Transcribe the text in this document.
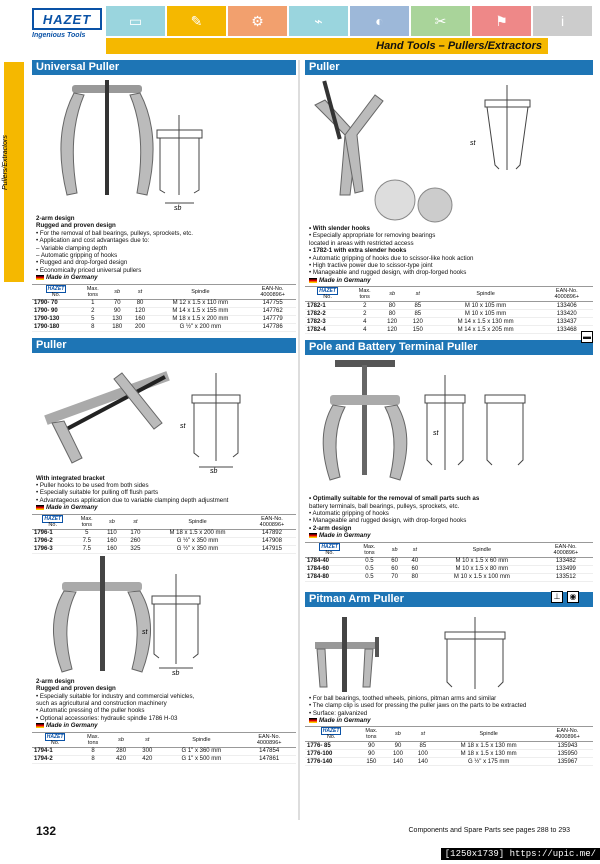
HAZET
Ingenious Tools
▭	✎	⚙	⌁	◐	✂	⚑	i
Hand Tools – Pullers/Extractors
Pullers/Extractors
Universal Puller
sb
2-arm design
Rugged and proven design
• For the removal of ball bearings, pulleys, sprockets, etc.
• Application and cost advantages due to:
– Variable clamping depth
– Automatic gripping of hooks
• Rugged and drop-forged design
• Economically priced universal pullers
Made in Germany
HAZET
No.	Max.
tons	sb	st	Spindle	EAN-No.
4000896+
1790- 70	1	70	80	M 12 x 1.5 x 110 mm	147755
1790- 90	2	90	120	M 14 x 1.5 x 155 mm	147762
1790-130	5	130	160	M 18 x 1.5 x 200 mm	147779
1790-180	8	180	200	G ½" x 200 mm	147786
Puller
sb
st
With integrated bracket
• Puller hooks to be used from both sides
• Especially suitable for pulling off flush parts
• Advantageous application due to variable clamping depth adjustment
Made in Germany
HAZET
No.	Max.
tons	sb	st	Spindle	EAN-No.
4000896+
1796-1	5	110	170	M 18 x 1.5 x 200 mm	147892
1796-2	7.5	160	260	G ½" x 350 mm	147908
1796-3	7.5	160	325	G ½" x 350 mm	147915
sb
st
2-arm design
Rugged and proven design
• Especially suitable for industry and commercial vehicles,
such as agricultural and construction machinery
• Automatic pressing of the puller hooks
• Optional accessories: hydraulic spindle 1786 H-03
Made in Germany
HAZET
No.	Max.
tons	sb	st	Spindle	EAN-No.
4000896+
1794-1	8	280	300	G 1" x 360 mm	147854
1794-2	8	420	420	G 1" x 500 mm	147861
Puller
st
• With slender hooks
• Especially appropriate for removing bearings
located in areas with restricted access
• 1782-1 with extra slender hooks
• Automatic gripping of hooks due to scissor-like hook action
• High tractive power due to scissor-type joint
• Manageable and rugged design, with drop-forged hooks
Made in Germany
HAZET
No.	Max.
tons	sb	st	Spindle	EAN-No.
4000896+
1782-1	2	80	85	M 10 x 105 mm	133406
1782-2	2	80	85	M 10 x 105 mm	133420
1782-3	4	120	120	M 14 x 1.5 x 130 mm	133437
1782-4	4	120	150	M 14 x 1.5 x 205 mm	133468
Pole and Battery Terminal Puller
st
▬
• Optimally suitable for the removal of small parts such as
battery terminals, ball bearings, pulleys, sprockets, etc.
• Automatic gripping of hooks
• Manageable and rugged design, with drop-forged hooks
• 2-arm design
Made in Germany
HAZET
No.	Max.
tons	sb	st	Spindle	EAN-No.
4000896+
1784-40	0.5	60	40	M 10 x 1.5 x 60 mm	133482
1784-60	0.5	60	60	M 10 x 1.5 x 80 mm	133499
1784-80	0.5	70	80	M 10 x 1.5 x 100 mm	133512
Pitman Arm Puller	⊥	◉
• For ball bearings, toothed wheels, pinions, pitman arms and similar
• The clamp clip is used for pressing the puller jaws on the parts to be extracted
• Surface: galvanized
Made in Germany
HAZET
No.	Max.
tons	sb	st	Spindle	EAN-No.
4000896+
1776- 85	90	90	85	M 18 x 1.5 x 130 mm	135943
1776-100	90	100	100	M 18 x 1.5 x 130 mm	135950
1776-140	150	140	140	G ½" x 175 mm	135967
132	Components and Spare Parts see pages 288 to 293
[1250x1739] https://upic.me/
